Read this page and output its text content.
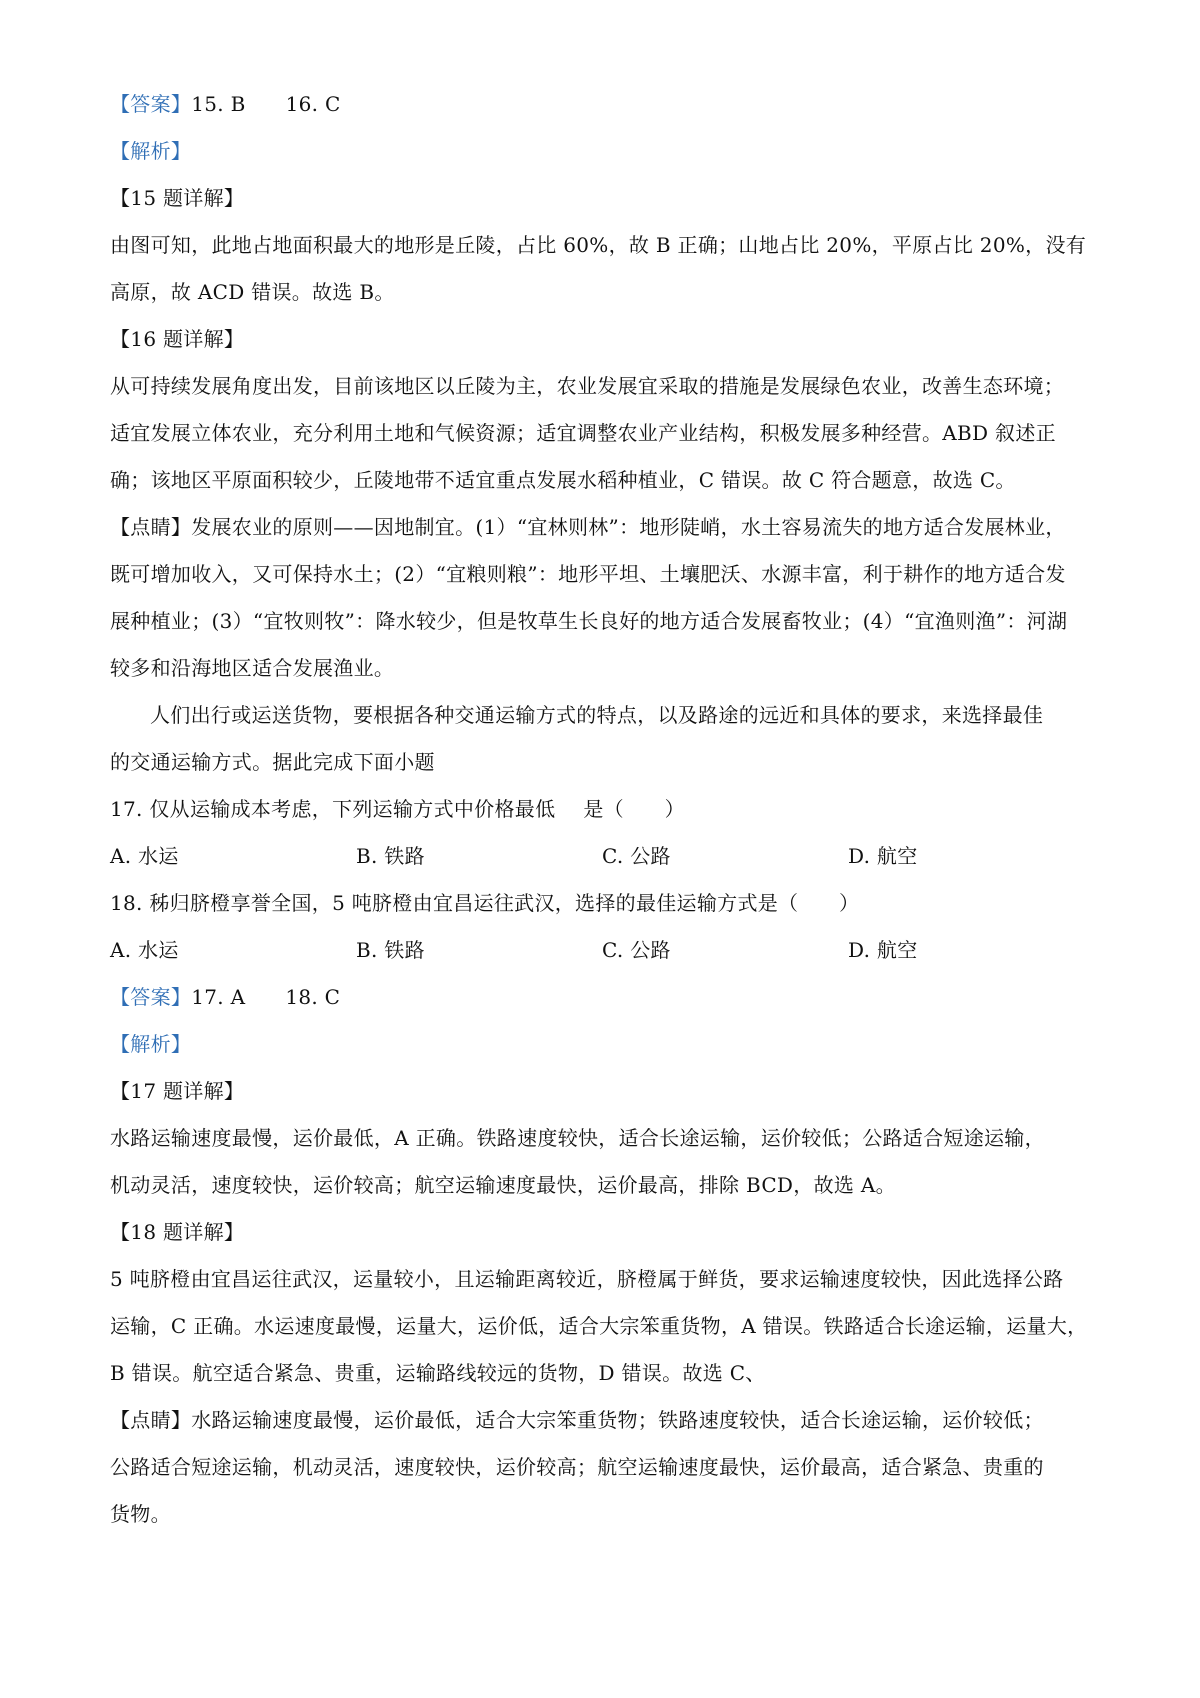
【答案】15. B 16. C
【解析】
【15 题详解】
由图可知，此地占地面积最大的地形是丘陵，占比 60%，故 B 正确；山地占比 20%，平原占比 20%，没有
高原，故 ACD 错误。故选 B。
【16 题详解】
从可持续发展角度出发，目前该地区以丘陵为主，农业发展宜采取的措施是发展绿色农业，改善生态环境；
适宜发展立体农业，充分利用土地和气候资源；适宜调整农业产业结构，积极发展多种经营。ABD 叙述正
确；该地区平原面积较少，丘陵地带不适宜重点发展水稻种植业，C 错误。故 C 符合题意，故选 C。
【点睛】发展农业的原则——因地制宜。(1）“宜林则林”：地形陡峭，水土容易流失的地方适合发展林业，
既可增加收入，又可保持水土；(2）“宜粮则粮”：地形平坦、土壤肥沃、水源丰富，利于耕作的地方适合发
展种植业；(3）“宜牧则牧”：降水较少，但是牧草生长良好的地方适合发展畜牧业；(4）“宜渔则渔”：河湖
较多和沿海地区适合发展渔业。
人们出行或运送货物，要根据各种交通运输方式的特点，以及路途的远近和具体的要求，来选择最佳
的交通运输方式。据此完成下面小题
17. 仅从运输成本考虑，下列运输方式中价格最低 是（　　）
A. 水运	B. 铁路	C. 公路	D. 航空
18. 秭归脐橙享誉全国，5 吨脐橙由宜昌运往武汉，选择的最佳运输方式是（　　）
A. 水运	B. 铁路	C. 公路	D. 航空
【答案】17. A 18. C
【解析】
【17 题详解】
水路运输速度最慢，运价最低，A 正确。铁路速度较快，适合长途运输，运价较低；公路适合短途运输，
机动灵活，速度较快，运价较高；航空运输速度最快，运价最高，排除 BCD，故选 A。
【18 题详解】
5 吨脐橙由宜昌运往武汉，运量较小，且运输距离较近，脐橙属于鲜货，要求运输速度较快，因此选择公路
运输，C 正确。水运速度最慢，运量大，运价低，适合大宗笨重货物，A 错误。铁路适合长途运输，运量大，
B 错误。航空适合紧急、贵重，运输路线较远的货物，D 错误。故选 C、
【点睛】水路运输速度最慢，运价最低，适合大宗笨重货物；铁路速度较快，适合长途运输，运价较低；
公路适合短途运输，机动灵活，速度较快，运价较高；航空运输速度最快，运价最高，适合紧急、贵重的
货物。
